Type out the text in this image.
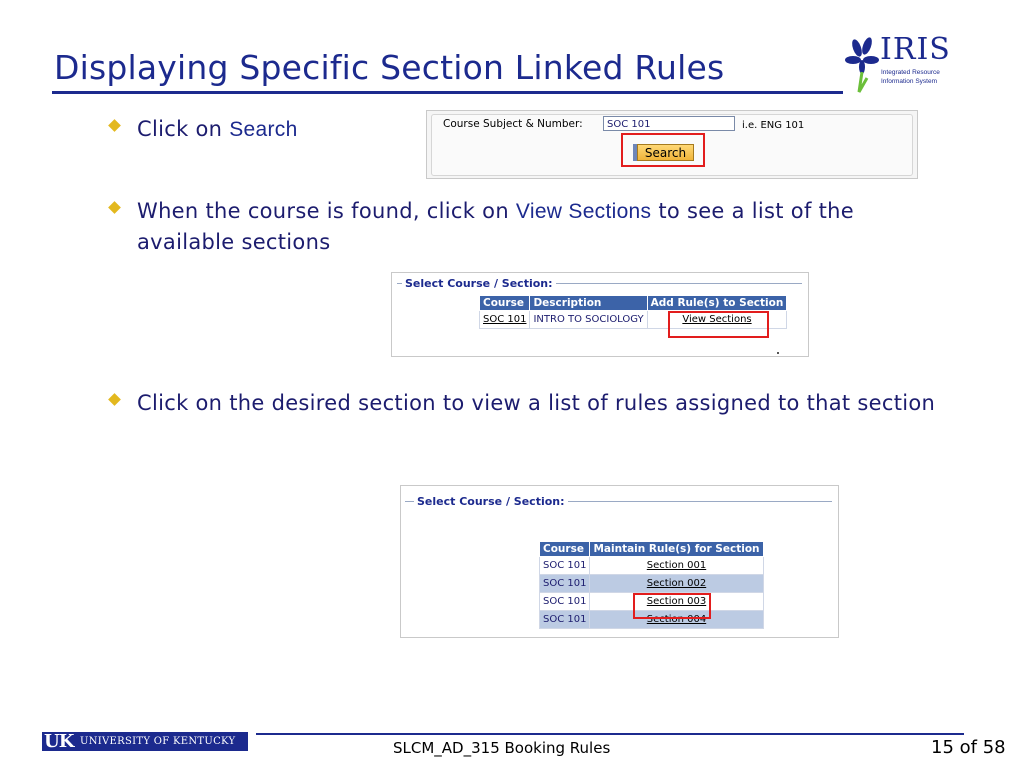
Displaying Specific Section Linked Rules	IRIS
Integrated Resource
Information System
Click on Search	Course Subject & Number:	SOC 101	i.e. ENG 101
Search
When the course is found, click on View Sections to see a list of the available sections
Select Course / Section:
Course	Description	Add Rule(s) to Section
SOC 101	INTRO TO SOCIOLOGY	View Sections
Click on the desired section to view a list of rules assigned to that section
Select Course / Section:
Course	Maintain Rule(s) for Section
SOC 101	Section 001
SOC 101	Section 002
SOC 101	Section 003
SOC 101	Section 004
UK UNIVERSITY OF KENTUCKY	SLCM_AD_315 Booking Rules	15 of 58
